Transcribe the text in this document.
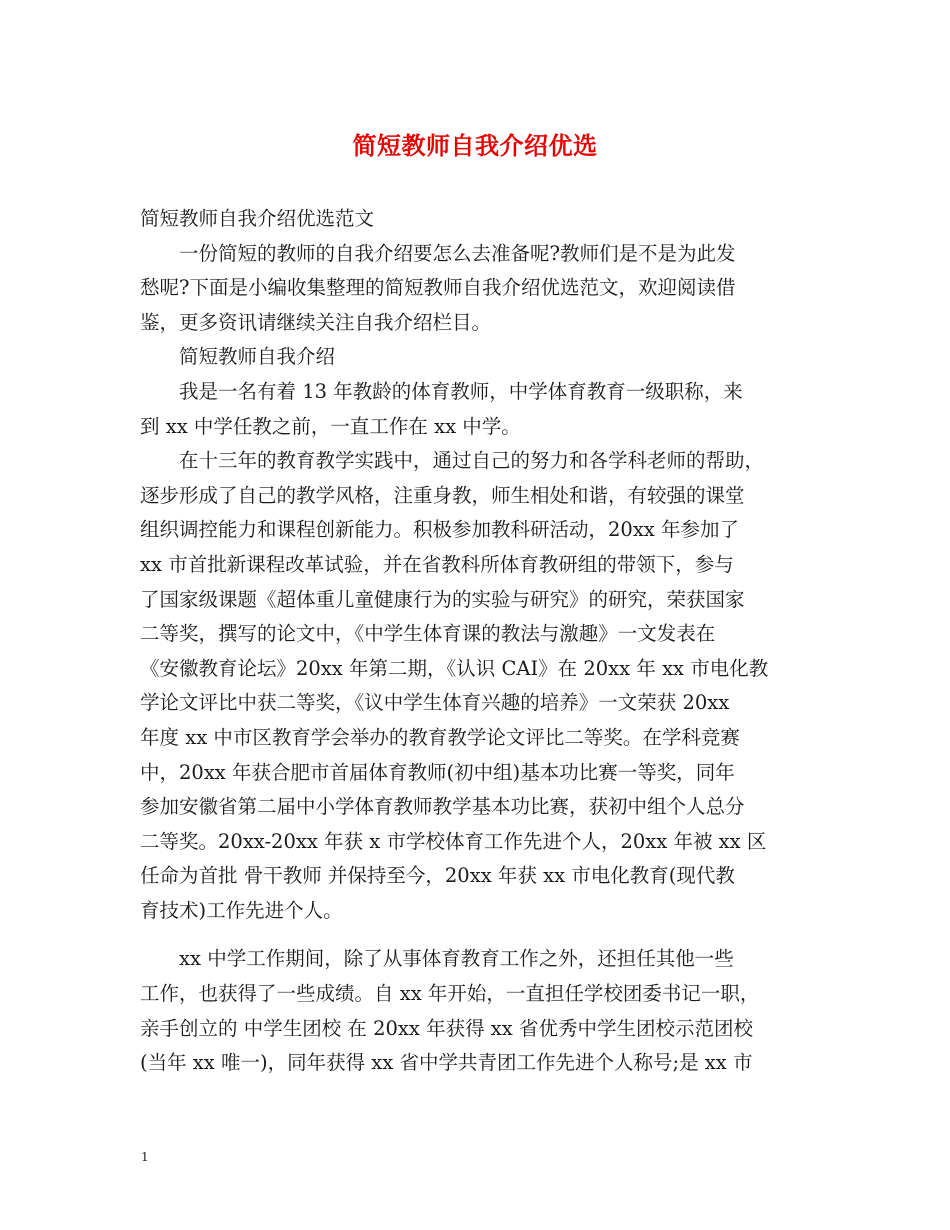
简短教师自我介绍优选
简短教师自我介绍优选范文
　　一份简短的教师的自我介绍要怎么去准备呢?教师们是不是为此发
愁呢?下面是小编收集整理的简短教师自我介绍优选范文，欢迎阅读借
鉴，更多资讯请继续关注自我介绍栏目。
　　简短教师自我介绍
　　我是一名有着 13 年教龄的体育教师，中学体育教育一级职称，来
到 xx 中学任教之前，一直工作在 xx 中学。
　　在十三年的教育教学实践中，通过自己的努力和各学科老师的帮助，
逐步形成了自己的教学风格，注重身教，师生相处和谐，有较强的课堂
组织调控能力和课程创新能力。积极参加教科研活动，20xx 年参加了
xx 市首批新课程改革试验，并在省教科所体育教研组的带领下，参与
了国家级课题《超体重儿童健康行为的实验与研究》的研究，荣获国家
二等奖，撰写的论文中，《中学生体育课的教法与激趣》一文发表在
《安徽教育论坛》20xx 年第二期，《认识 CAI》在 20xx 年 xx 市电化教
学论文评比中获二等奖，《议中学生体育兴趣的培养》一文荣获 20xx
年度 xx 中市区教育学会举办的教育教学论文评比二等奖。在学科竞赛
中，20xx 年获合肥市首届体育教师(初中组)基本功比赛一等奖，同年
参加安徽省第二届中小学体育教师教学基本功比赛，获初中组个人总分
二等奖。20xx-20xx 年获 x 市学校体育工作先进个人，20xx 年被 xx 区
任命为首批 骨干教师 并保持至今，20xx 年获 xx 市电化教育(现代教
育技术)工作先进个人。
　　xx 中学工作期间，除了从事体育教育工作之外，还担任其他一些
工作，也获得了一些成绩。自 xx 年开始，一直担任学校团委书记一职，
亲手创立的 中学生团校 在 20xx 年获得 xx 省优秀中学生团校示范团校
(当年 xx 唯一)，同年获得 xx 省中学共青团工作先进个人称号;是 xx 市
1
